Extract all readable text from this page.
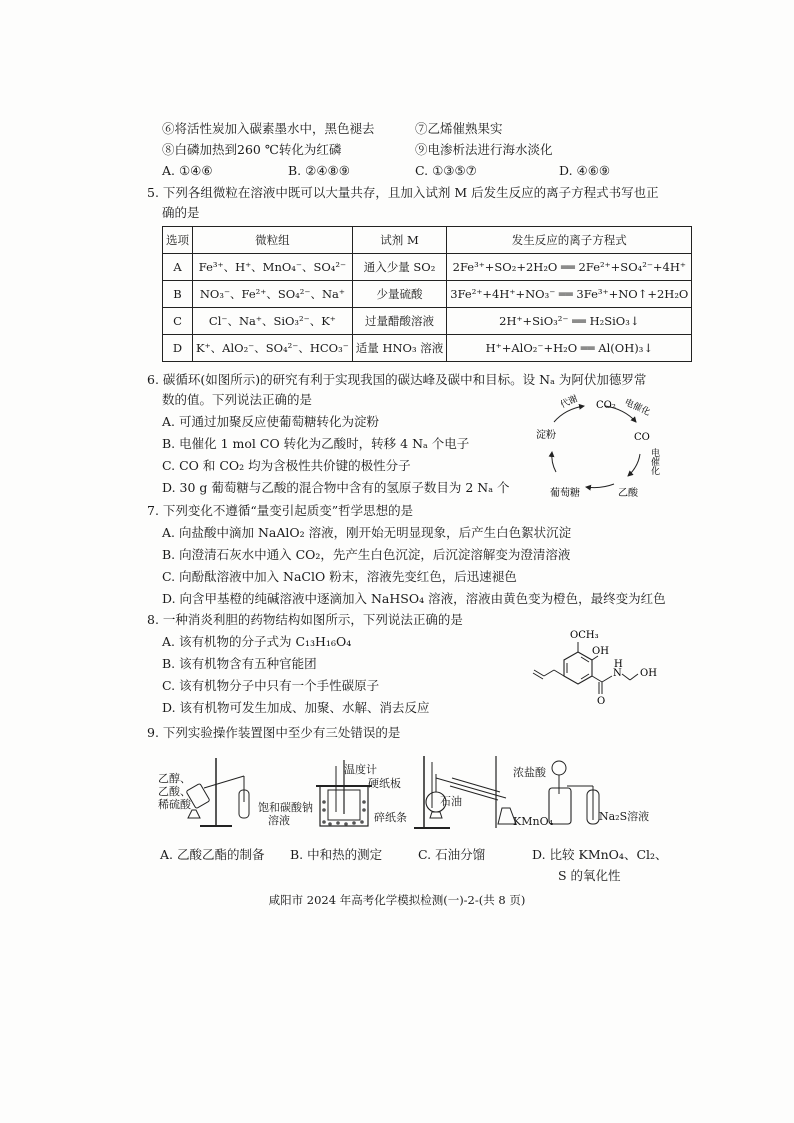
⑥将活性炭加入碳素墨水中，黑色褪去	⑦乙烯催熟果实
⑧白磷加热到260 ℃转化为红磷	⑨电渗析法进行海水淡化
A. ①④⑥	B. ②④⑧⑨	C. ①③⑤⑦	D. ④⑥⑨
5. 下列各组微粒在溶液中既可以大量共存，且加入试剂 M 后发生反应的离子方程式书写也正
确的是
选项	微粒组	试剂 M	发生反应的离子方程式
A	Fe³⁺、H⁺、MnO₄⁻、SO₄²⁻	通入少量 SO₂	2Fe³⁺+SO₂+2H₂O ══ 2Fe²⁺+SO₄²⁻+4H⁺
B	NO₃⁻、Fe²⁺、SO₄²⁻、Na⁺	少量硫酸	3Fe²⁺+4H⁺+NO₃⁻ ══ 3Fe³⁺+NO↑+2H₂O
C	Cl⁻、Na⁺、SiO₃²⁻、K⁺	过量醋酸溶液	2H⁺+SiO₃²⁻ ══ H₂SiO₃↓
D	K⁺、AlO₂⁻、SO₄²⁻、HCO₃⁻	适量 HNO₃ 溶液	H⁺+AlO₂⁻+H₂O ══ Al(OH)₃↓
6. 碳循环(如图所示)的研究有利于实现我国的碳达峰及碳中和目标。设 Nₐ 为阿伏加德罗常
数的值。下列说法正确的是
A. 可通过加聚反应使葡萄糖转化为淀粉
B. 电催化 1 mol CO 转化为乙酸时，转移 4 Nₐ 个电子
C. CO 和 CO₂ 均为含极性共价键的极性分子
D. 30 g 葡萄糖与乙酸的混合物中含有的氢原子数目为 2 Nₐ 个
CO₂
CO
乙酸
葡萄糖
淀粉
代谢	电催化
电催化
7. 下列变化不遵循“量变引起质变”哲学思想的是
A. 向盐酸中滴加 NaAlO₂ 溶液，刚开始无明显现象，后产生白色絮状沉淀
B. 向澄清石灰水中通入 CO₂，先产生白色沉淀，后沉淀溶解变为澄清溶液
C. 向酚酞溶液中加入 NaClO 粉末，溶液先变红色，后迅速褪色
D. 向含甲基橙的纯碱溶液中逐滴加入 NaHSO₄ 溶液，溶液由黄色变为橙色，最终变为红色
8. 一种消炎利胆的药物结构如图所示，下列说法正确的是
A. 该有机物的分子式为 C₁₃H₁₆O₄
B. 该有机物含有五种官能团
C. 该有机物分子中只有一个手性碳原子
D. 该有机物可发生加成、加聚、水解、消去反应
OCH₃
OH
O
N
H
OH
9. 下列实验操作装置图中至少有三处错误的是
乙醇、
乙酸、
稀硫酸	饱和碳酸钠
溶液
温度计
硬纸板
碎纸条
石油
浓盐酸
KMnO₄	Na₂S溶液
A. 乙酸乙酯的制备 B. 中和热的测定	C. 石油分馏	D. 比较 KMnO₄、Cl₂、
S 的氧化性
咸阳市 2024 年高考化学模拟检测(一)-2-(共 8 页)
